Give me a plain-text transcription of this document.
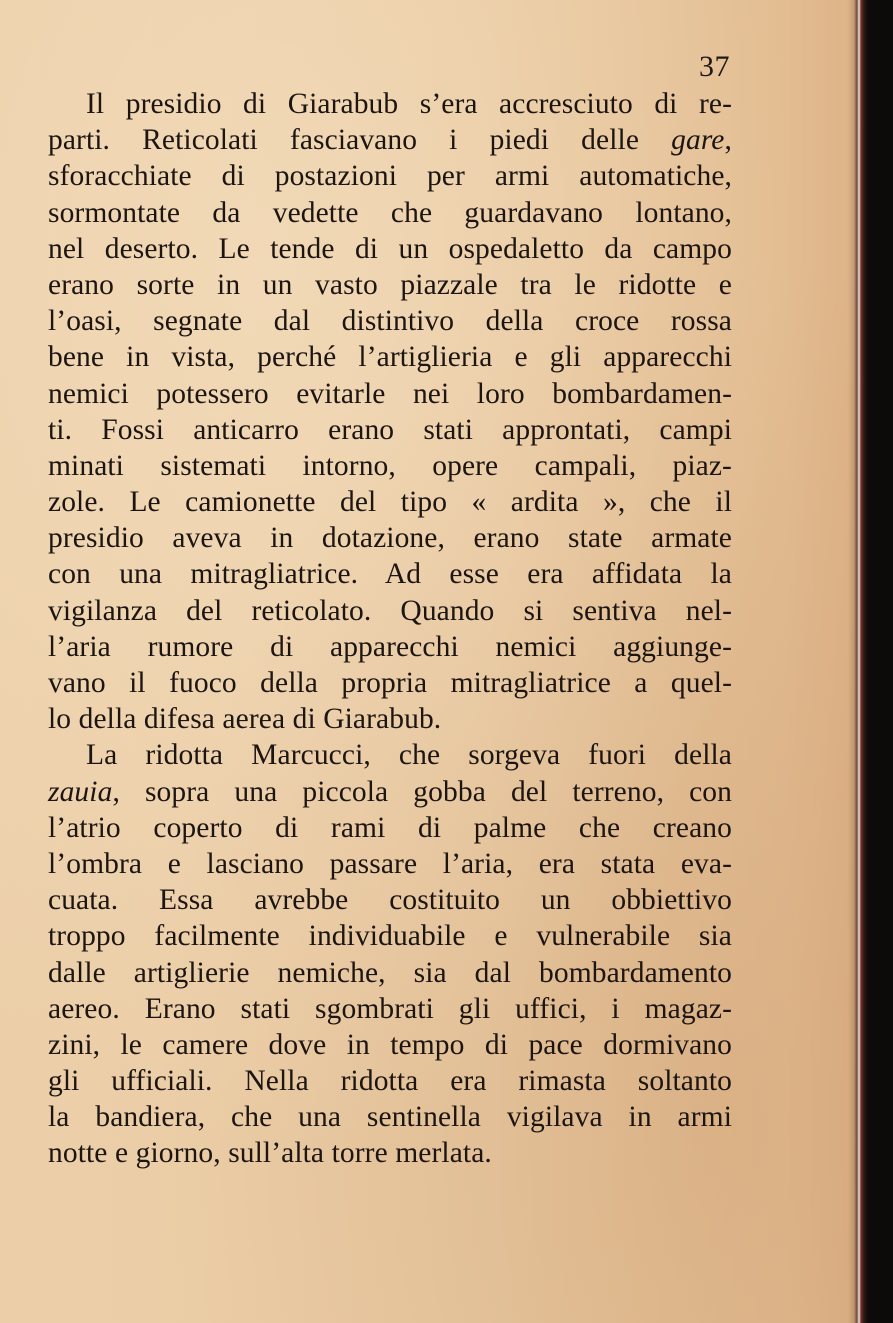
37
Il presidio di Giarabub s’era accresciuto di re-
parti. Reticolati fasciavano i piedi delle gare,
sforacchiate di postazioni per armi automatiche,
sormontate da vedette che guardavano lontano,
nel deserto. Le tende di un ospedaletto da campo
erano sorte in un vasto piazzale tra le ridotte e
l’oasi, segnate dal distintivo della croce rossa
bene in vista, perché l’artiglieria e gli apparecchi
nemici potessero evitarle nei loro bombardamen-
ti. Fossi anticarro erano stati approntati, campi
minati sistemati intorno, opere campali, piaz-
zole. Le camionette del tipo « ardita », che il
presidio aveva in dotazione, erano state armate
con una mitragliatrice. Ad esse era affidata la
vigilanza del reticolato. Quando si sentiva nel-
l’aria rumore di apparecchi nemici aggiunge-
vano il fuoco della propria mitragliatrice a quel-
lo della difesa aerea di Giarabub.
La ridotta Marcucci, che sorgeva fuori della
zauia, sopra una piccola gobba del terreno, con
l’atrio coperto di rami di palme che creano
l’ombra e lasciano passare l’aria, era stata eva-
cuata. Essa avrebbe costituito un obbiettivo
troppo facilmente individuabile e vulnerabile sia
dalle artiglierie nemiche, sia dal bombardamento
aereo. Erano stati sgombrati gli uffici, i magaz-
zini, le camere dove in tempo di pace dormivano
gli ufficiali. Nella ridotta era rimasta soltanto
la bandiera, che una sentinella vigilava in armi
notte e giorno, sull’alta torre merlata.
